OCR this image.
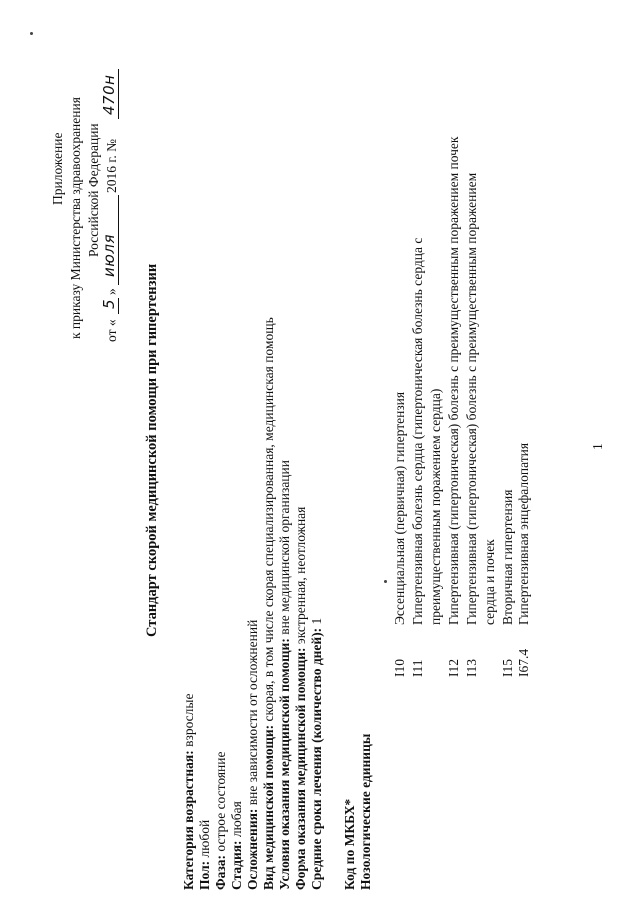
Приложение к приказу Министерства здравоохранения Российской Федерации
от «
5
»
июля
2016 г. №
470н
Стандарт скорой медицинской помощи при гипертензии
Категория возрастная: взрослые
Пол: любой
Фаза: острое состояние
Стадия: любая Осложнения: вне зависимости от осложнений Вид медицинской помощи: скорая, в том числе скорая специализированная, медицинская помощь
Условия оказания медицинской помощи: вне медицинской организации
Форма оказания медицинской помощи: экстренная, неотложная
Средние сроки лечения (количество дней): 1
Код по МКБХ* Нозологические единицы
I10
Эссенциальная (первичная) гипертензия
I11
Гипертензивная болезнь сердца (гипертоническая болезнь сердца с преимущественным поражением сердца)
I12
Гипертензивная (гипертоническая) болезнь с преимущественным поражением почек
I13
Гипертензивная (гипертоническая) болезнь с преимущественным поражением сердца и почек
I15
Вторичная гипертензия
I67.4
Гипертензивная энцефалопатия	1
